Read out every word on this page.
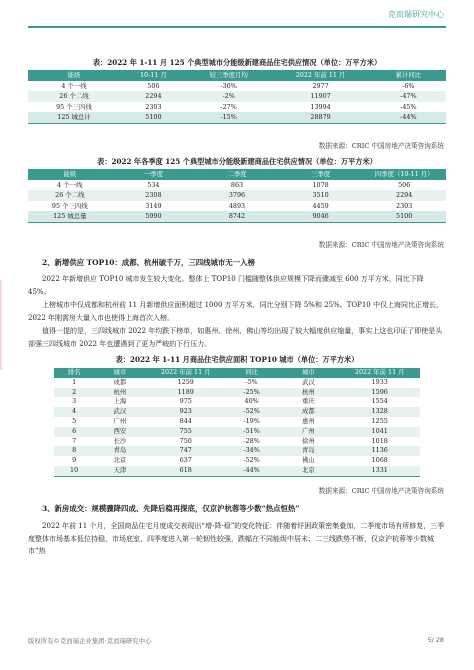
克而瑞研究中心
表：2022 年 1-11 月 125 个典型城市分能级新建商品住宅供应情况（单位：万平方米）
能级	10-11 月	较三季度月均	2022 年前 11 月	累计同比
4 个一线	506	-30%	2977	-6%
26 个二线	2294	-2%	11907	-47%
95 个三四线	2303	-27%	13994	-45%
125 城总计	5100	-15%	28879	-44%
数据来源：CRIC 中国房地产决策咨询系统
表：2022 年各季度 125 个典型城市分能级新建商品住宅供应情况（单位：万平方米）
能级	一季度	二季度	三季度	四季度（10-11 月）
4 个一线	534	863	1078	506
26 个二线	2308	3796	3510	2294
95 个三四线	3149	4893	4459	2303
125 城总量	5990	8742	9046	5100
数据来源：CRIC 中国房地产决策咨询系统
2、新增供应 TOP10：成都、杭州破千万，三四线城市无一入榜

2022 年新增供应 TOP10 城市发生较大变化。整体上 TOP10 门槛随整体供应规模下降而骤减至 600 万平方米，同比下降 45%。

上榜城市中仅成都和杭州前 11 月新增供应面积超过 1000 万平方米，同比分别下降 5%和 25%。TOP10 中仅上海同比正增长，2022 年刚需房大量入市也使得上海首次入榜。

值得一提的是，三四线城市 2022 年均跌下榜单，如惠州、徐州、佛山等均出现了较大幅度供应缩量，事实上这也印证了即使是头部强三四线城市 2022 年也遭遇到了更为严峻的下行压力。

表：2022 年 1-11 月商品住宅供应面积 TOP10 城市（单位：万平方米）
排名	城市	2022 年前 11 月	同比	城市	2022 年前 11 月
1	成都	1259	-5%	武汉	1933
2	杭州	1189	-25%	杭州	1596
3	上海	975	40%	重庆	1554
4	武汉	923	-52%	成都	1328
5	广州	844	-19%	惠州	1255
6	西安	755	-51%	广州	1041
7	长沙	750	-28%	徐州	1018
8	青岛	747	-34%	青岛	1136
9	北京	637	-52%	佛山	1068
10	天津	618	-44%	北京	1331
数据来源：CRIC 中国房地产决策咨询系统
3、新房成交：规模骤降四成、先降后稳再探底，仅京沪杭蓉等少数“热点恒热”

2022 年前 11 个月，全国商品住宅月度成交表现出“增-降-稳”的变化特征：伴随着纾困政策密集叠加，二季度市场有所修复，三季度整体市场基本低位持稳，市场底室，四季度进入第一轮韧性较强，跌幅在不同能级中居末；二三线跌势不断，仅京沪杭蓉等少数城市“热

版权所有©克而瑞企业集团·克而瑞研究中心	5/ 28
